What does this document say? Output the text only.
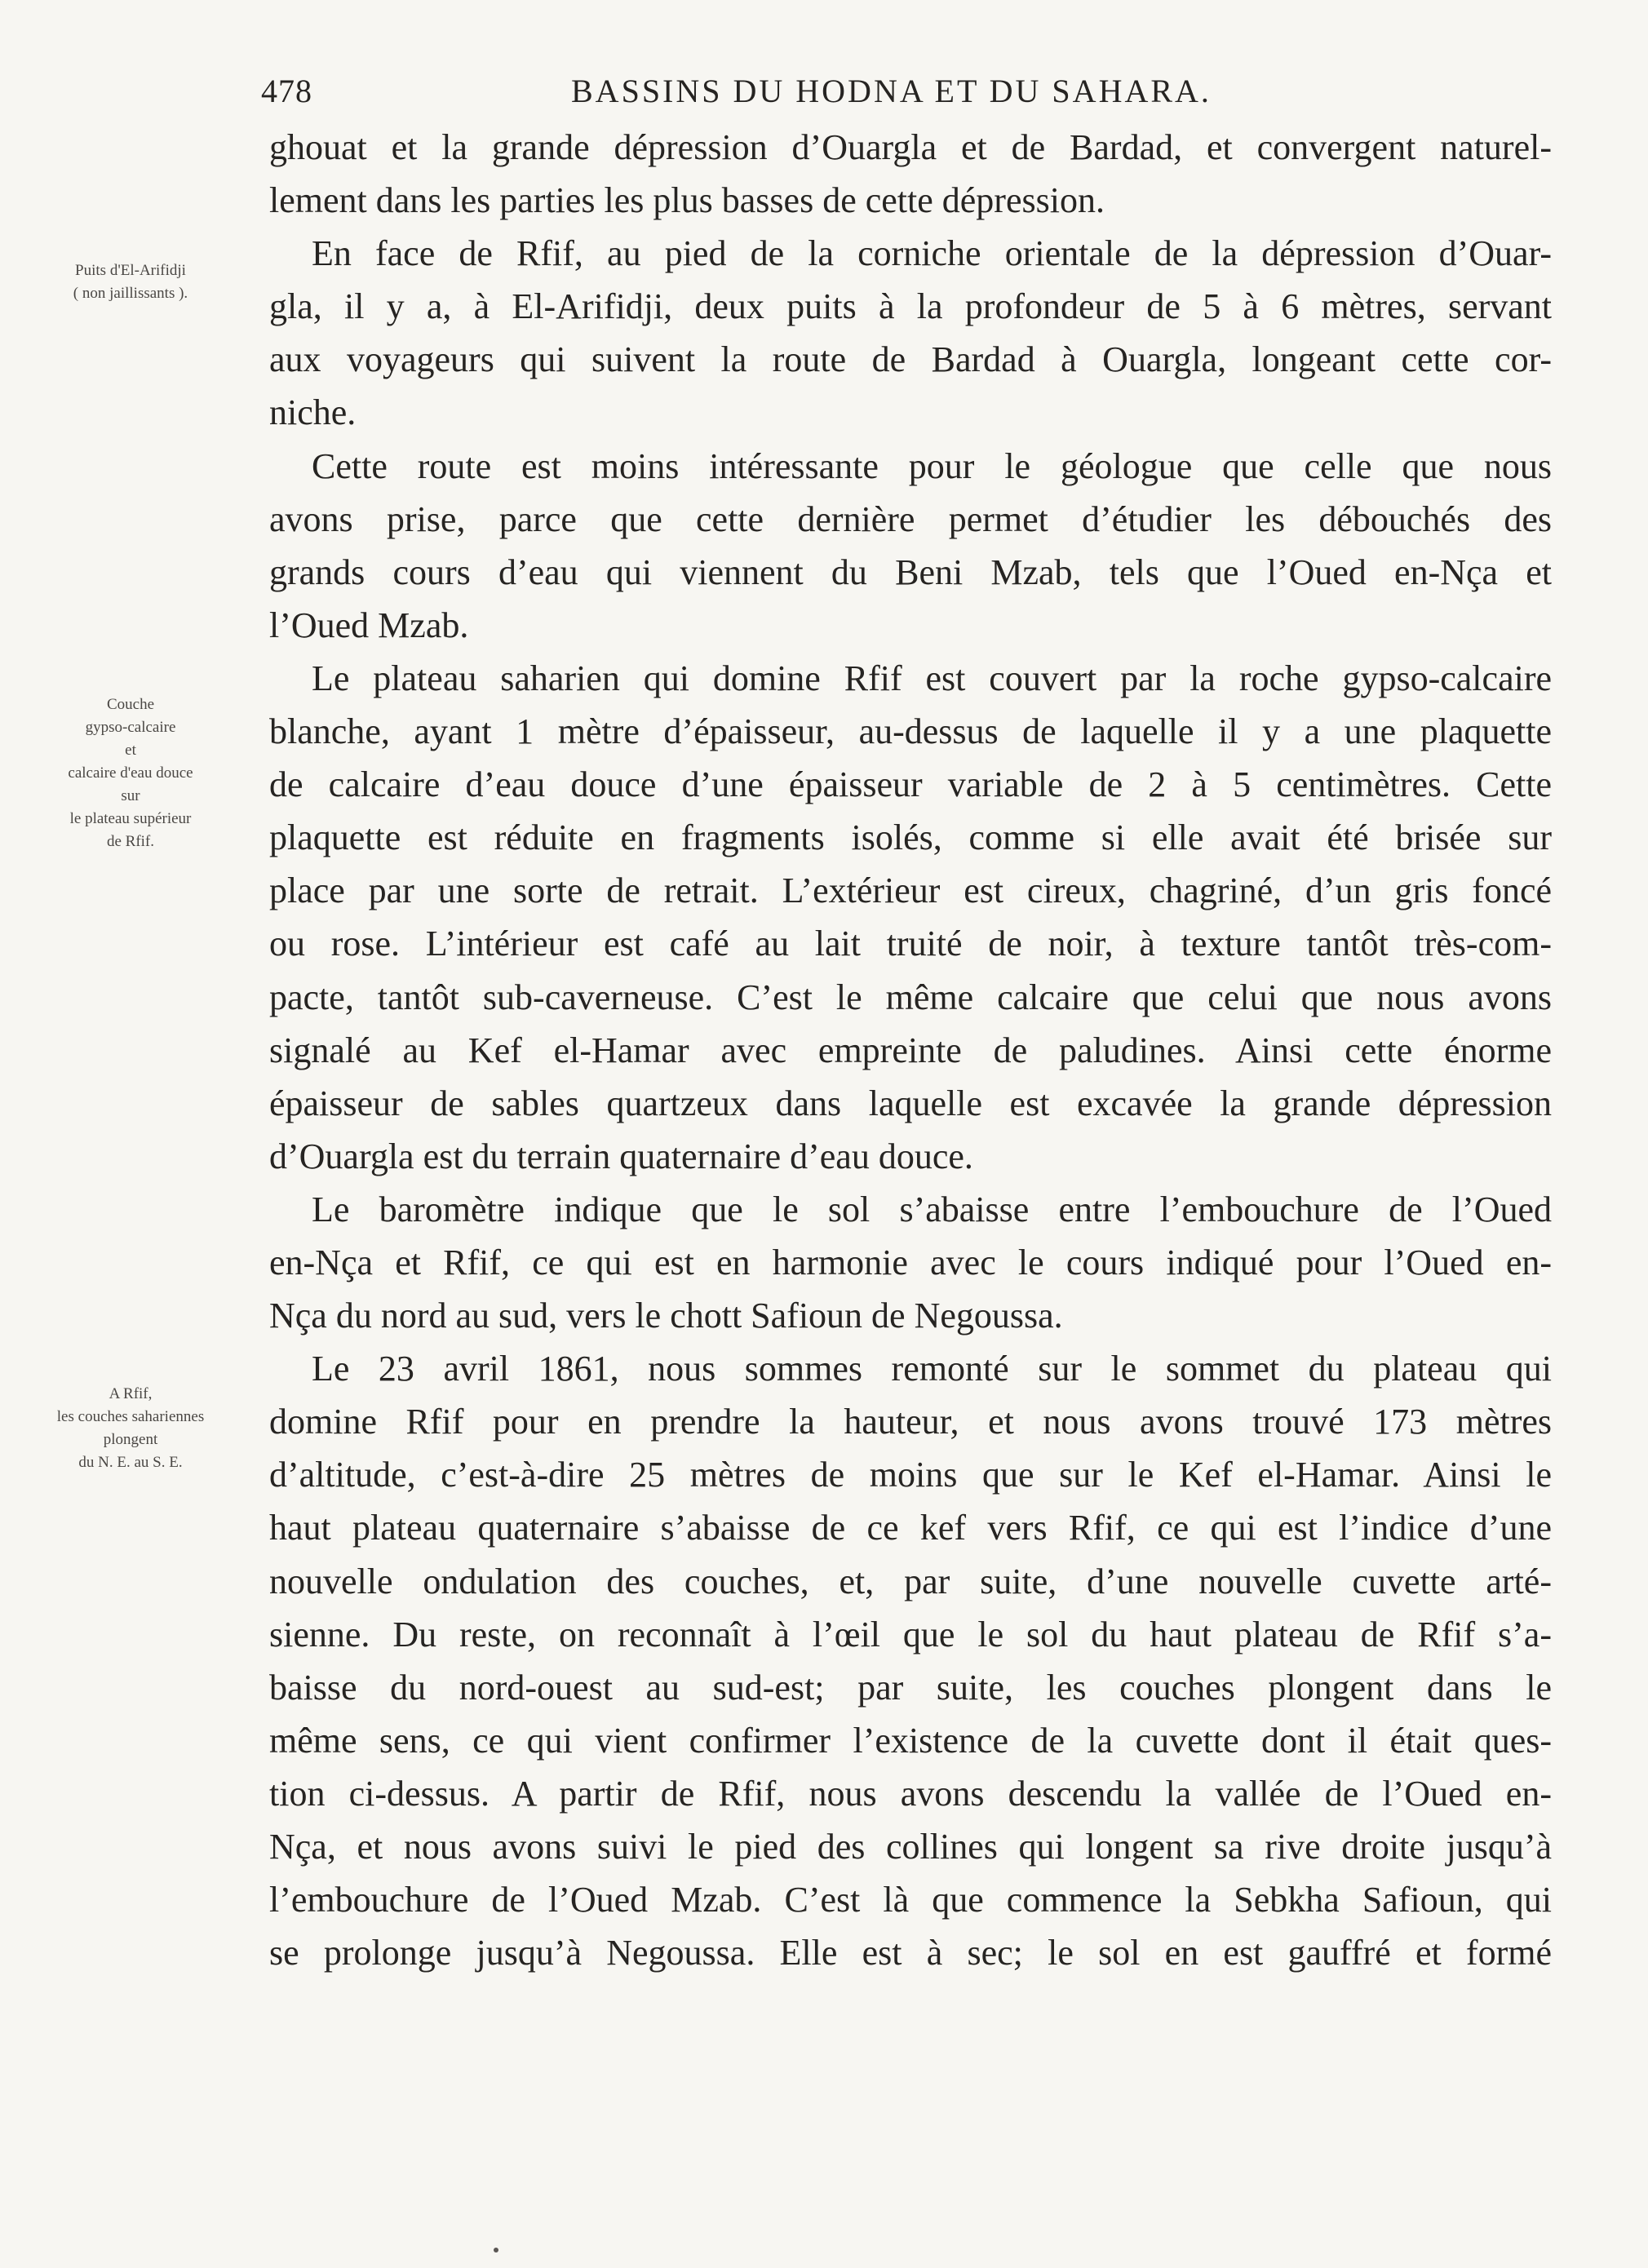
478	BASSINS DU HODNA ET DU SAHARA.
Puits d'El-Arifidji
( non jaillissants ).
Couche
gypso-calcaire
et
calcaire d'eau douce
sur
le plateau supérieur
de Rfif.
A Rfif,
les couches sahariennes
plongent
du N. E. au S. E.
ghouat et la grande dépression d’Ouargla et de Bardad, et convergent naturel-
lement dans les parties les plus basses de cette dépression.
En face de Rfif, au pied de la corniche orientale de la dépression d’Ouar-
gla, il y a, à El-Arifidji, deux puits à la profondeur de 5 à 6 mètres, servant
aux voyageurs qui suivent la route de Bardad à Ouargla, longeant cette cor-
niche.
Cette route est moins intéressante pour le géologue que celle que nous
avons prise, parce que cette dernière permet d’étudier les débouchés des
grands cours d’eau qui viennent du Beni Mzab, tels que l’Oued en-Nça et
l’Oued Mzab.
Le plateau saharien qui domine Rfif est couvert par la roche gypso-calcaire
blanche, ayant 1 mètre d’épaisseur, au-dessus de laquelle il y a une plaquette
de calcaire d’eau douce d’une épaisseur variable de 2 à 5 centimètres. Cette
plaquette est réduite en fragments isolés, comme si elle avait été brisée sur
place par une sorte de retrait. L’extérieur est cireux, chagriné, d’un gris foncé
ou rose. L’intérieur est café au lait truité de noir, à texture tantôt très-com-
pacte, tantôt sub-caverneuse. C’est le même calcaire que celui que nous avons
signalé au Kef el-Hamar avec empreinte de paludines. Ainsi cette énorme
épaisseur de sables quartzeux dans laquelle est excavée la grande dépression
d’Ouargla est du terrain quaternaire d’eau douce.
Le baromètre indique que le sol s’abaisse entre l’embouchure de l’Oued
en-Nça et Rfif, ce qui est en harmonie avec le cours indiqué pour l’Oued en-
Nça du nord au sud, vers le chott Safioun de Negoussa.
Le 23 avril 1861, nous sommes remonté sur le sommet du plateau qui
domine Rfif pour en prendre la hauteur, et nous avons trouvé 173 mètres
d’altitude, c’est-à-dire 25 mètres de moins que sur le Kef el-Hamar. Ainsi le
haut plateau quaternaire s’abaisse de ce kef vers Rfif, ce qui est l’indice d’une
nouvelle ondulation des couches, et, par suite, d’une nouvelle cuvette arté-
sienne. Du reste, on reconnaît à l’œil que le sol du haut plateau de Rfif s’a-
baisse du nord-ouest au sud-est; par suite, les couches plongent dans le
même sens, ce qui vient confirmer l’existence de la cuvette dont il était ques-
tion ci-dessus. A partir de Rfif, nous avons descendu la vallée de l’Oued en-
Nça, et nous avons suivi le pied des collines qui longent sa rive droite jusqu’à
l’embouchure de l’Oued Mzab. C’est là que commence la Sebkha Safioun, qui
se prolonge jusqu’à Negoussa. Elle est à sec; le sol en est gauffré et formé
